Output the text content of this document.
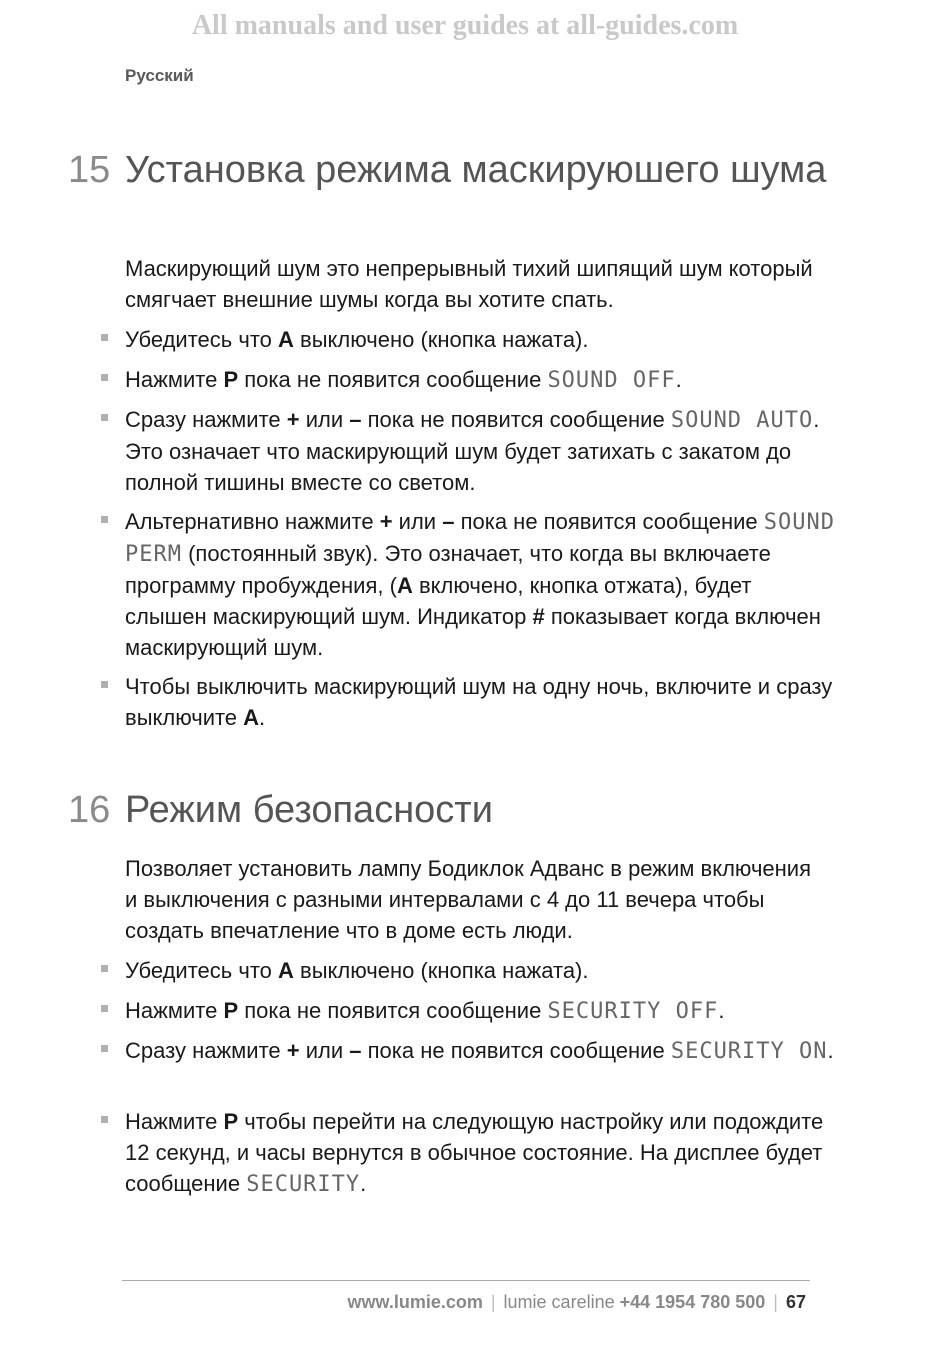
All manuals and user guides at all-guides.com
Русский
15 Установка режима маскируюшего шума

Маскирующий шум это непрерывный тихий шипящий шум который смягчает внешние шумы когда вы хотите спать.

Убедитесь что A выключено (кнопка нажата).
Нажмите P пока не появится сообщение SOUND OFF.
Сразу нажмите + или – пока не появится сообщение SOUND AUTO. Это означает что маскирующий шум будет затихать с закатом до полной тишины вместе со светом.
Альтернативно нажмите + или – пока не появится сообщение SOUND PERM (постоянный звук). Это означает, что когда вы включаете программу пробуждения, (A включено, кнопка отжата), будет слышен маскирующий шум. Индикатор # показывает когда включен маскирующий шум.
Чтобы выключить маскирующий шум на одну ночь, включите и сразу выключите A.
16 Режим безопасности

Позволяет установить лампу Бодиклок Адванс в режим включения и выключения с разными интервалами с 4 до 11 вечера чтобы создать впечатление что в доме есть люди.

Убедитесь что A выключено (кнопка нажата).
Нажмите P пока не появится сообщение SECURITY OFF.
Сразу нажмите + или – пока не появится сообщение SECURITY ON.
Нажмите P чтобы перейти на следующую настройку или подождите 12 секунд, и часы вернутся в обычное состояние. На дисплее будет сообщение SECURITY.
www.lumie.com | lumie careline +44 1954 780 500 | 67
